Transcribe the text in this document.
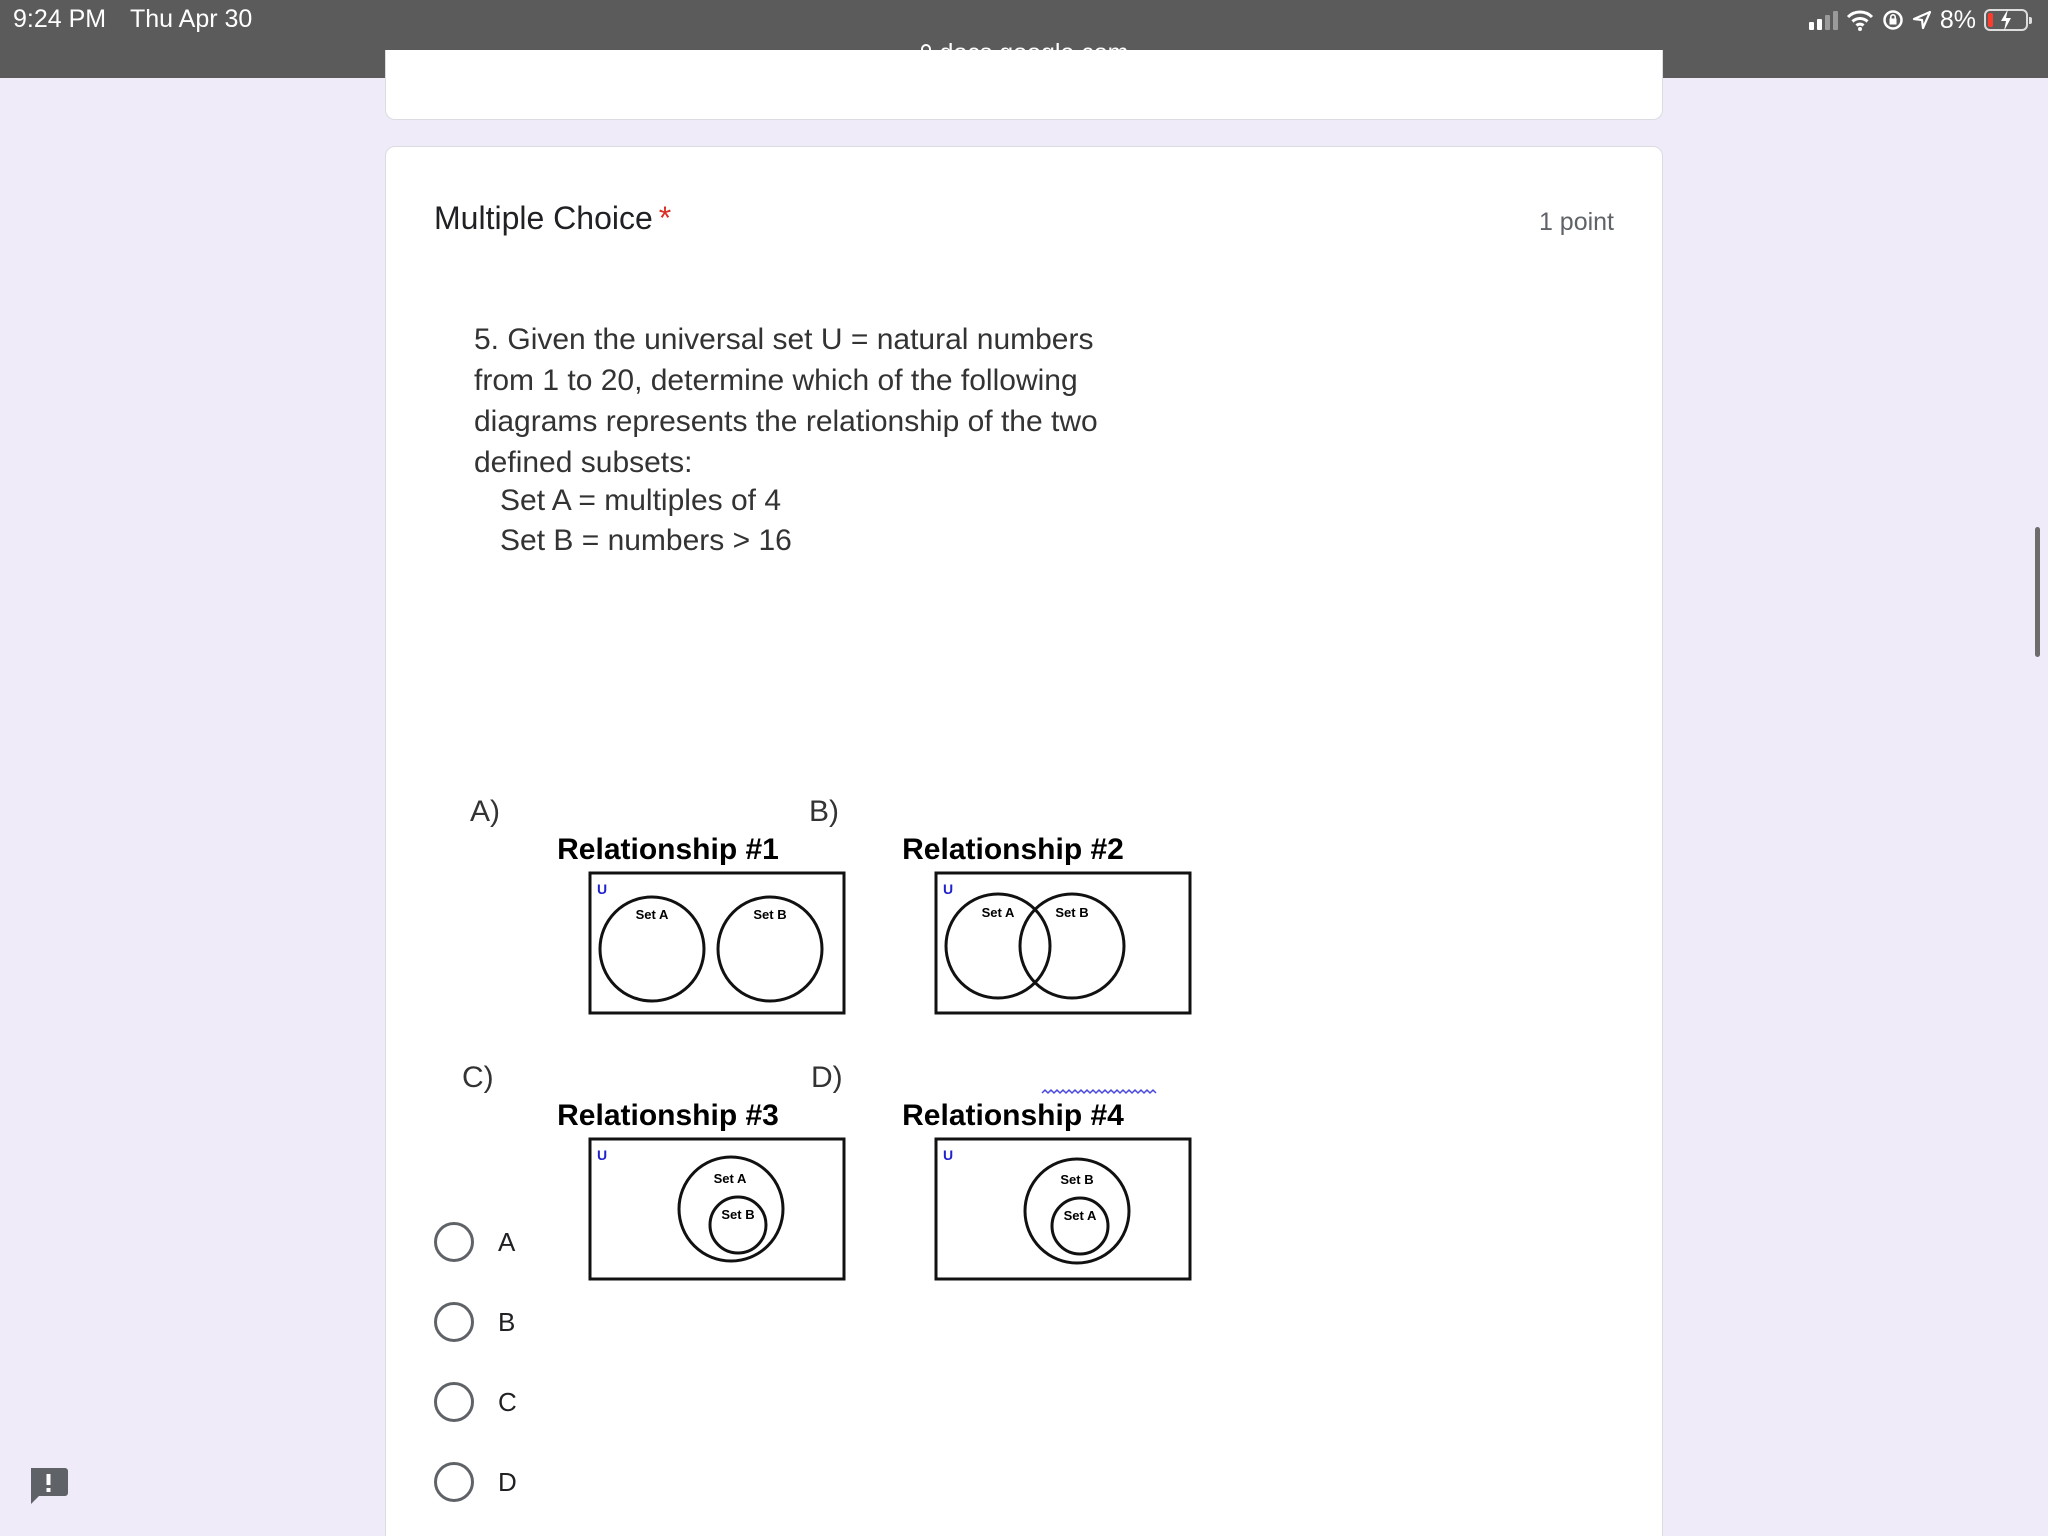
9:24 PM Thu Apr 30	8%
Multiple Choice *	1 point
5. Given the universal set U = natural numbers
from 1 to 20, determine which of the following
diagrams represents the relationship of the two
defined subsets:
Set A = multiples of 4
Set B = numbers > 16
A)
Relationship #1
U
Set A	Set B
B)
Relationship #2
U
Set A	Set B
C)
Relationship #3
U
Set A
Set B
D)
Relationship #4
U
Set B
Set A
A
B
C
D
